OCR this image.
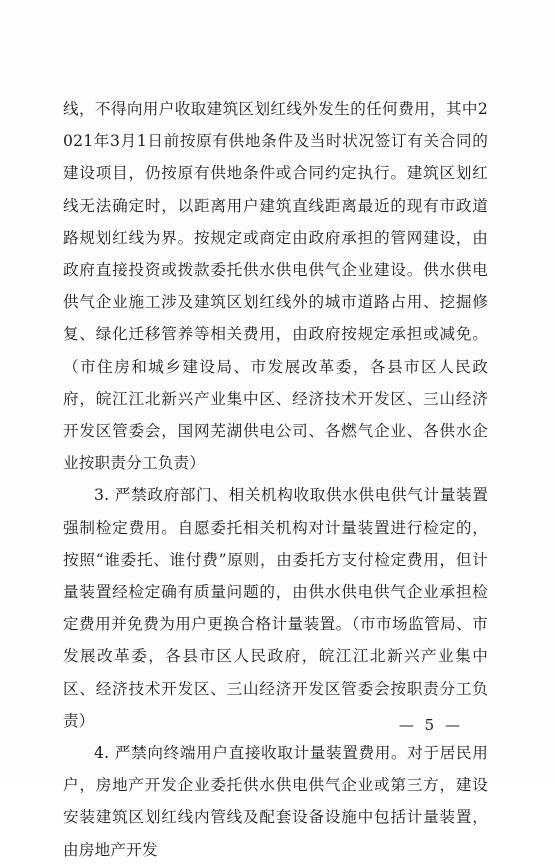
线，不得向用户收取建筑区划红线外发生的任何费用，其中2021年3月1日前按原有供地条件及当时状况签订有关合同的建设项目，仍按原有供地条件或合同约定执行。建筑区划红线无法确定时，以距离用户建筑直线距离最近的现有市政道路规划红线为界。按规定或商定由政府承担的管网建设，由政府直接投资或拨款委托供水供电供气企业建设。供水供电供气企业施工涉及建筑区划红线外的城市道路占用、挖掘修复、绿化迁移管养等相关费用，由政府按规定承担或减免。（市住房和城乡建设局、市发展改革委，各县市区人民政府，皖江江北新兴产业集中区、经济技术开发区、三山经济开发区管委会，国网芜湖供电公司、各燃气企业、各供水企业按职责分工负责）

3. 严禁政府部门、相关机构收取供水供电供气计量装置强制检定费用。自愿委托相关机构对计量装置进行检定的，按照“谁委托、谁付费”原则，由委托方支付检定费用，但计量装置经检定确有质量问题的，由供水供电供气企业承担检定费用并免费为用户更换合格计量装置。（市市场监管局、市发展改革委，各县市区人民政府，皖江江北新兴产业集中区、经济技术开发区、三山经济开发区管委会按职责分工负责）

4. 严禁向终端用户直接收取计量装置费用。对于居民用户，房地产开发企业委托供水供电供气企业或第三方，建设安装建筑区划红线内管线及配套设备设施中包括计量装置，由房地产开发

— 5 —
